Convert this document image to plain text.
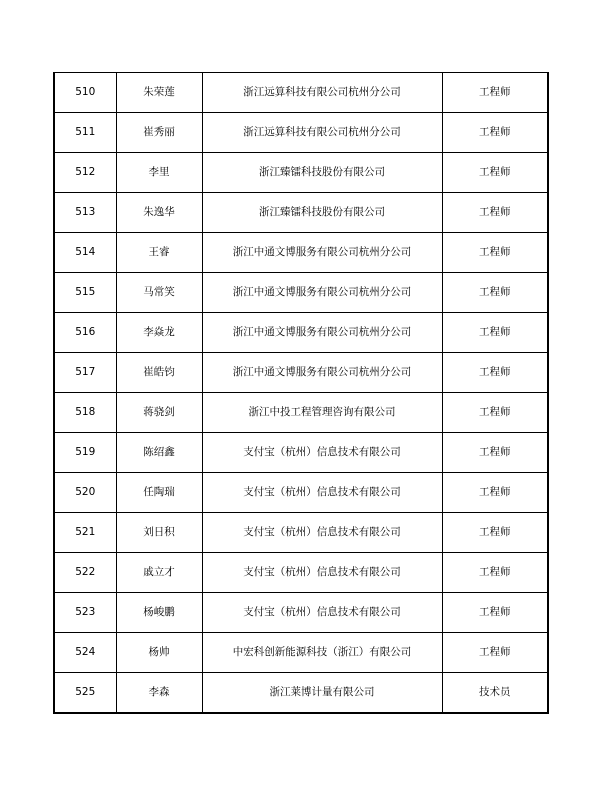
510	朱荣莲	浙江远算科技有限公司杭州分公司	工程师
511	崔秀丽	浙江远算科技有限公司杭州分公司	工程师
512	李里	浙江臻镭科技股份有限公司	工程师
513	朱逸华	浙江臻镭科技股份有限公司	工程师
514	王睿	浙江中通文博服务有限公司杭州分公司	工程师
515	马常笑	浙江中通文博服务有限公司杭州分公司	工程师
516	李焱龙	浙江中通文博服务有限公司杭州分公司	工程师
517	崔皓钧	浙江中通文博服务有限公司杭州分公司	工程师
518	蒋骁剑	浙江中投工程管理咨询有限公司	工程师
519	陈绍鑫	支付宝（杭州）信息技术有限公司	工程师
520	任陶瑞	支付宝（杭州）信息技术有限公司	工程师
521	刘日积	支付宝（杭州）信息技术有限公司	工程师
522	戚立才	支付宝（杭州）信息技术有限公司	工程师
523	杨峻鹏	支付宝（杭州）信息技术有限公司	工程师
524	杨帅	中宏科创新能源科技（浙江）有限公司	工程师
525	李森	浙江莱博计量有限公司	技术员
